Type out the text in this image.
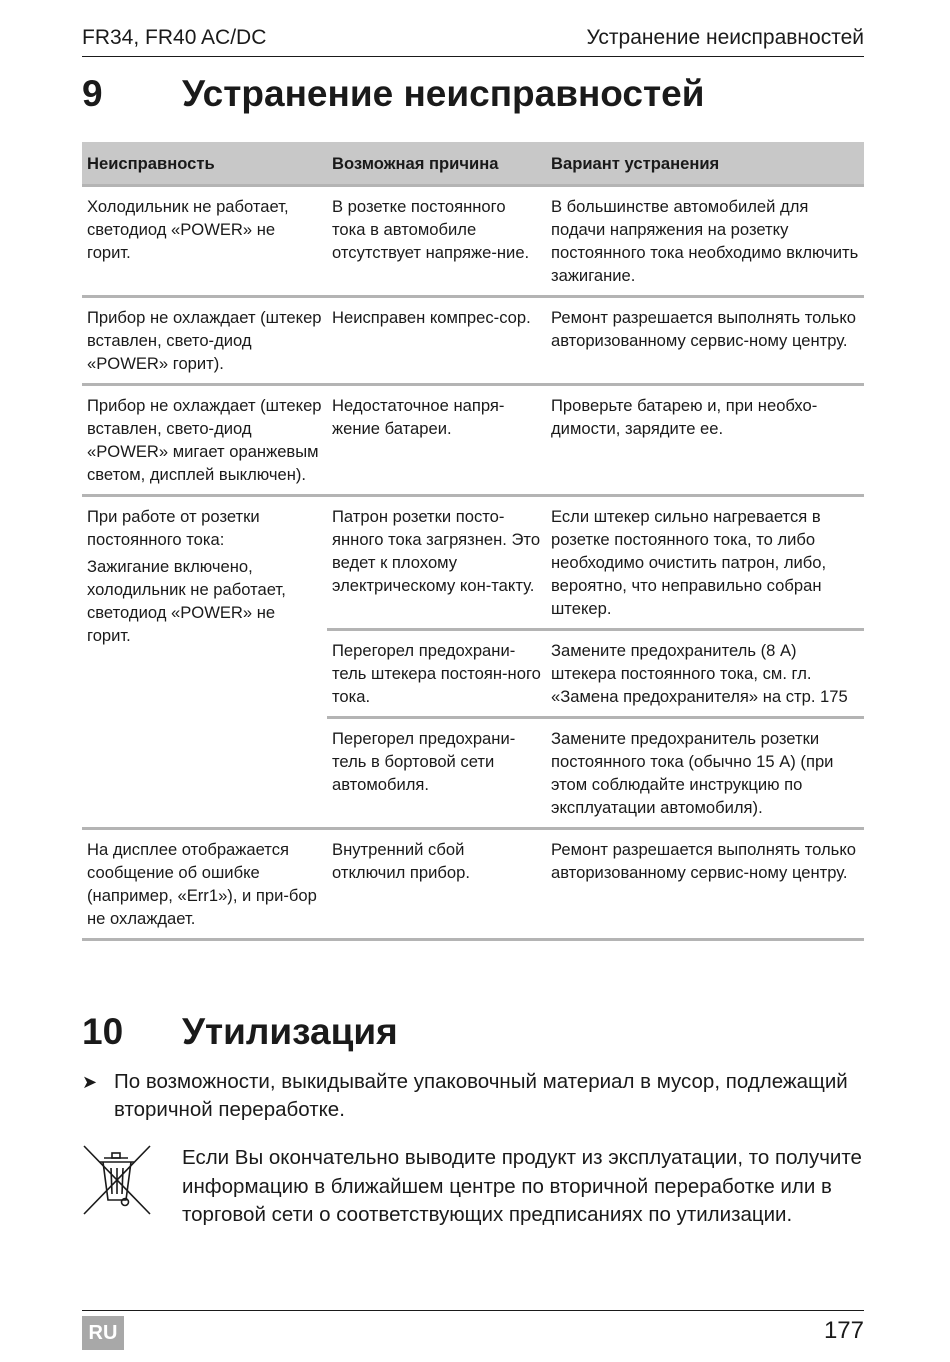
FR34, FR40 AC/DC	Устранение неисправностей
9 Устранение неисправностей
Неисправность	Возможная причина	Вариант устранения
Холодильник не работает, светодиод «POWER» не горит.	В розетке постоянного тока в автомобиле отсутствует напряже-ние.	В большинстве автомобилей для подачи напряжения на розетку постоянного тока необходимо включить зажигание.
Прибор не охлаждает (штекер вставлен, свето-диод «POWER» горит).	Неисправен компрес-сор.	Ремонт разрешается выполнять только авторизованному сервис-ному центру.
Прибор не охлаждает (штекер вставлен, свето-диод «POWER» мигает оранжевым светом, дисплей выключен).	Недостаточное напря-жение батареи.	Проверьте батарею и, при необхо-димости, зарядите ее.

При работе от розетки постоянного тока:

Зажигание включено, холодильник не работает, светодиод «POWER» не горит.	Патрон розетки посто-янного тока загрязнен. Это ведет к плохому электрическому кон-такту.	Если штекер сильно нагревается в розетке постоянного тока, то либо необходимо очистить патрон, либо, вероятно, что неправильно собран штекер.
	Перегорел предохрани-тель штекера постоян-ного тока.	Замените предохранитель (8 А) штекера постоянного тока, см. гл. «Замена предохранителя» на стр. 175
	Перегорел предохрани-тель в бортовой сети автомобиля.	Замените предохранитель розетки постоянного тока (обычно 15 А) (при этом соблюдайте инструкцию по эксплуатации автомобиля).
На дисплее отображается сообщение об ошибке (например, «Err1»), и при-бор не охлаждает.	Внутренний сбой отключил прибор.	Ремонт разрешается выполнять только авторизованному сервис-ному центру.
10 Утилизация
➤ По возможности, выкидывайте упаковочный материал в мусор, подлежащий вторичной переработке.
Если Вы окончательно выводите продукт из эксплуатации, то получите информацию в ближайшем центре по вторичной переработке или в торговой сети о соответствующих предписаниях по утилизации.
RU	177
